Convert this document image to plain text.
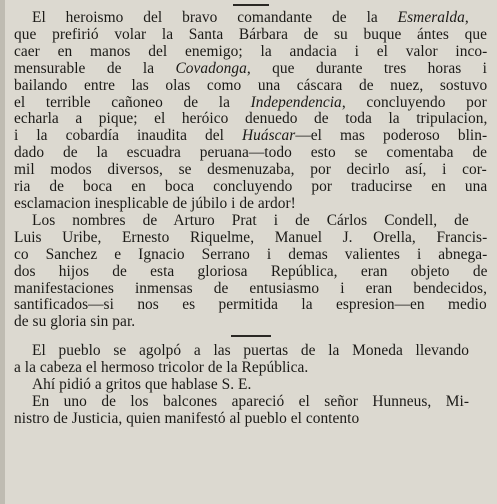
El heroismo del bravo comandante de la Esmeralda,
que prefirió volar la Santa Bárbara de su buque ántes que
caer en manos del enemigo; la andacia i el valor inco-
mensurable de la Covadonga, que durante tres horas i
bailando entre las olas como una cáscara de nuez, sostuvo
el terrible cañoneo de la Independencia, concluyendo por
echarla a pique; el heróico denuedo de toda la tripulacion,
i la cobardía inaudita del Huáscar—el mas poderoso blin-
dado de la escuadra peruana—todo esto se comentaba de
mil modos diversos, se desmenuzaba, por decirlo así, i cor-
ria de boca en boca concluyendo por traducirse en una
esclamacion inesplicable de júbilo i de ardor!
Los nombres de Arturo Prat i de Cárlos Condell, de
Luis Uribe, Ernesto Riquelme, Manuel J. Orella, Francis-
co Sanchez e Ignacio Serrano i demas valientes i abnega-
dos hijos de esta gloriosa República, eran objeto de
manifestaciones inmensas de entusiasmo i eran bendecidos,
santificados—si nos es permitida la espresion—en medio
de su gloria sin par.
El pueblo se agolpó a las puertas de la Moneda llevando
a la cabeza el hermoso tricolor de la República.
Ahí pidió a gritos que hablase S. E.
En uno de los balcones apareció el señor Hunneus, Mi-
nistro de Justicia, quien manifestó al pueblo el contento
